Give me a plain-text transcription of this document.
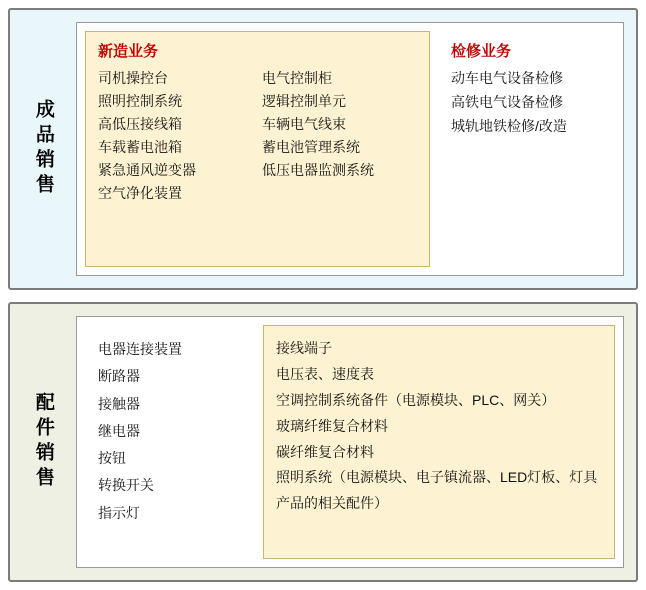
成品销售
新造业务
司机操控台	电气控制柜
照明控制系统	逻辑控制单元
高低压接线箱	车辆电气线束
车载蓄电池箱	蓄电池管理系统
紧急通风逆变器	低压电器监测系统
空气净化装置
检修业务
动车电气设备检修
高铁电气设备检修
城轨地铁检修/改造
配件销售
电器连接装置
断路器
接触器
继电器
按钮
转换开关
指示灯
接线端子
电压表、速度表
空调控制系统备件（电源模块、PLC、网关）
玻璃纤维复合材料
碳纤维复合材料
照明系统（电源模块、电子镇流器、LED灯板、灯具产品的相关配件）
